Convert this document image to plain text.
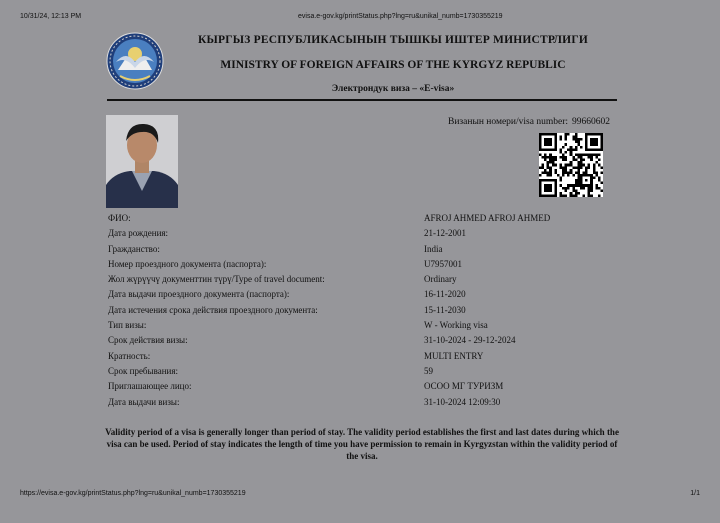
10/31/24, 12:13 PM	evisa.e-gov.kg/printStatus.php?lng=ru&unikal_numb=1730355219
КЫРГЫЗ РЕСПУБЛИКАСЫНЫН ТЫШКЫ ИШТЕР МИНИСТРЛИГИ
MINISTRY OF FOREIGN AFFAIRS OF THE KYRGYZ REPUBLIC
Электрондук виза – «E-visa»
Визанын номери/visa number: 99660602
ФИО:	AFROJ AHMED AFROJ AHMED
Дата рождения:	21-12-2001
Гражданство:	India
Номер проездного документа (паспорта):	U7957001
Жол жүрүүчү документтин түрү/Type of travel document:	Ordinary
Дата выдачи проездного документа (паспорта):	16-11-2020
Дата истечения срока действия проездного документа:	15-11-2030
Тип визы:	W - Working visa
Срок действия визы:	31-10-2024 - 29-12-2024
Кратность:	MULTI ENTRY
Срок пребывания:	59
Приглашающее лицо:	ОСОО МГ ТУРИЗМ
Дата выдачи визы:	31-10-2024 12:09:30
Validity period of a visa is generally longer than period of stay. The validity period establishes the first and last dates during which the visa can be used. Period of stay indicates the length of time you have permission to remain in Kyrgyzstan within the validity period of the visa.
https://evisa.e-gov.kg/printStatus.php?lng=ru&unikal_numb=1730355219	1/1
